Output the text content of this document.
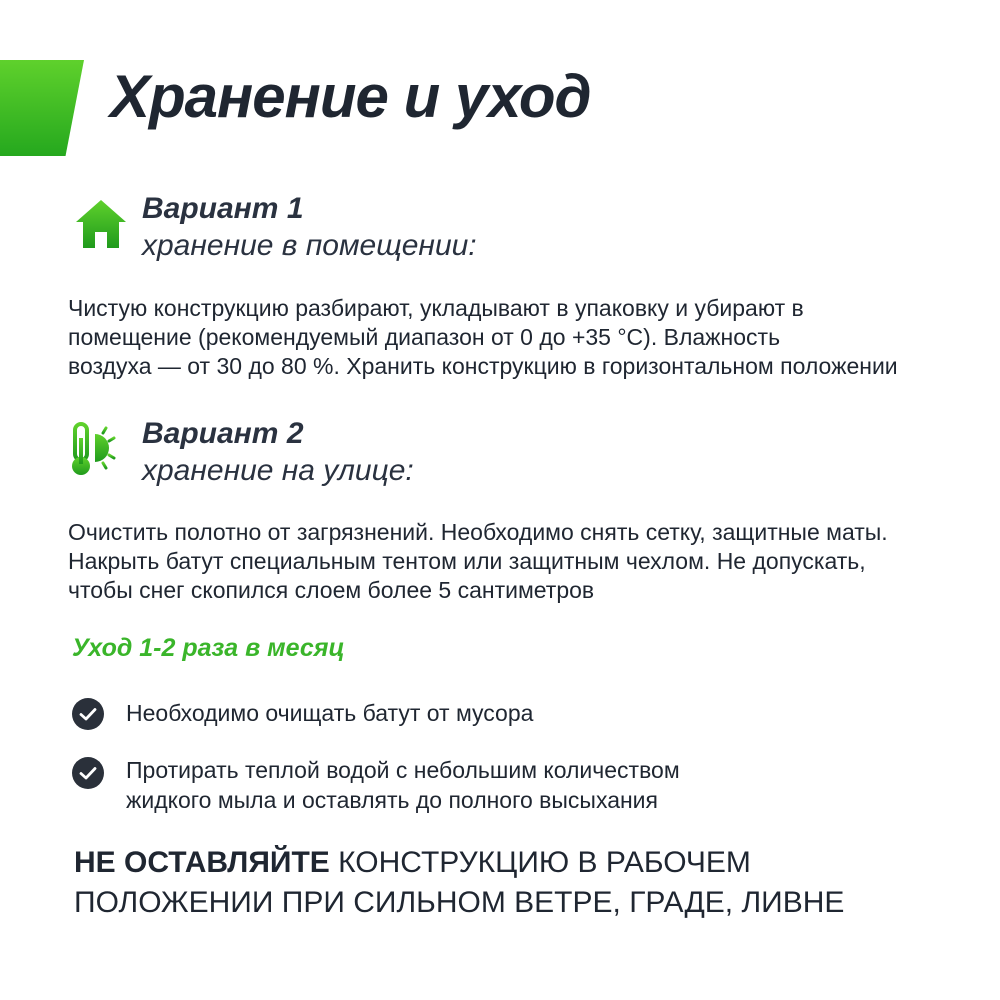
Хранение и уход
Вариант 1
хранение в помещении:
Чистую конструкцию разбирают, укладывают в упаковку и убирают в
помещение (рекомендуемый диапазон от 0 до +35 °С). Влажность
воздуха — от 30 до 80 %. Хранить конструкцию в горизонтальном положении
Вариант 2
хранение на улице:
Очистить полотно от загрязнений. Необходимо снять сетку, защитные маты.
Накрыть батут специальным тентом или защитным чехлом. Не допускать,
чтобы снег скопился слоем более 5 сантиметров
Уход 1-2 раза в месяц
Необходимо очищать батут от мусора
Протирать теплой водой с небольшим количеством
жидкого мыла и оставлять до полного высыхания
НЕ ОСТАВЛЯЙТЕ КОНСТРУКЦИЮ В РАБОЧЕМ
ПОЛОЖЕНИИ ПРИ СИЛЬНОМ ВЕТРЕ, ГРАДЕ, ЛИВНЕ
